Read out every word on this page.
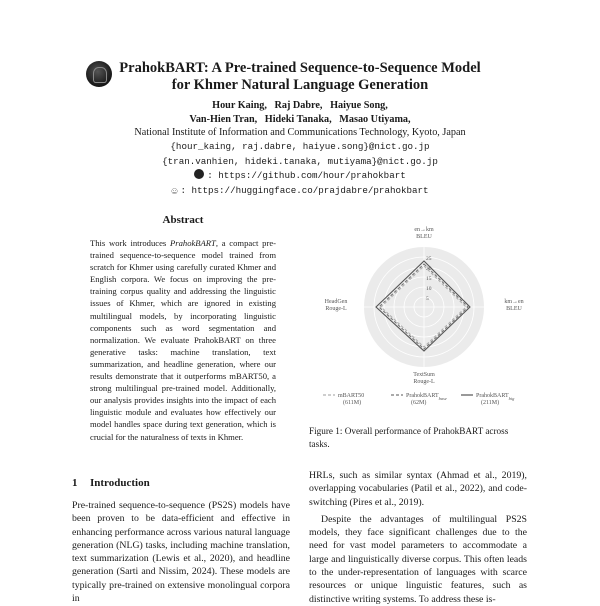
PrahokBART: A Pre-trained Sequence-to-Sequence Model
for Khmer Natural Language Generation
Hour Kaing,   Raj Dabre,   Haiyue Song,
Van-Hien Tran,   Hideki Tanaka,   Masao Utiyama,
National Institute of Information and Communications Technology, Kyoto, Japan
{hour_kaing, raj.dabre, haiyue.song}@nict.go.jp
{tran.vanhien, hideki.tanaka, mutiyama}@nict.go.jp
: https://github.com/hour/prahokbart
☺ : https://huggingface.co/prajdabre/prahokbart
Abstract
This work introduces PrahokBART, a compact pre-trained sequence-to-sequence model trained from scratch for Khmer using carefully curated Khmer and English corpora. We focus on improving the pre-training corpus quality and addressing the linguistic issues of Khmer, which are ignored in existing multilingual models, by incorporating linguistic components such as word segmentation and normalization. We evaluate PrahokBART on three generative tasks: machine translation, text summarization, and headline generation, where our results demonstrate that it outperforms mBART50, a strong multilingual pre-trained model. Additionally, our analysis provides insights into the impact of each linguistic module and evaluates how effectively our model handles space during text generation, which is crucial for the naturalness of texts in Khmer.
1 Introduction
Pre-trained sequence-to-sequence (PS2S) models have been proven to be data-efficient and effective in enhancing performance across various natural language generation (NLG) tasks, including machine translation, text summarization (Lewis et al., 2020), and headline generation (Sarti and Nissim, 2024). These models are typically pre-trained on extensive monolingual corpora in
5
10
15
20
25
en→km
BLEU
km→en
BLEU
TextSum
Rouge-L
HeadGen
Rouge-L
mBART50
(611M)
PrahokBART$_{base}$
(62M)
PrahokBART$_{big}$
(211M)
Figure 1: Overall performance of PrahokBART across tasks.

HRLs, such as similar syntax (Ahmad et al., 2019), overlapping vocabularies (Patil et al., 2022), and code-switching (Pires et al., 2019).

Despite the advantages of multilingual PS2S models, they face significant challenges due to the need for vast model parameters to accommodate a large and linguistically diverse corpus. This often leads to the under-representation of languages with scarce resources or unique linguistic features, such as distinctive writing systems. To address these is-
